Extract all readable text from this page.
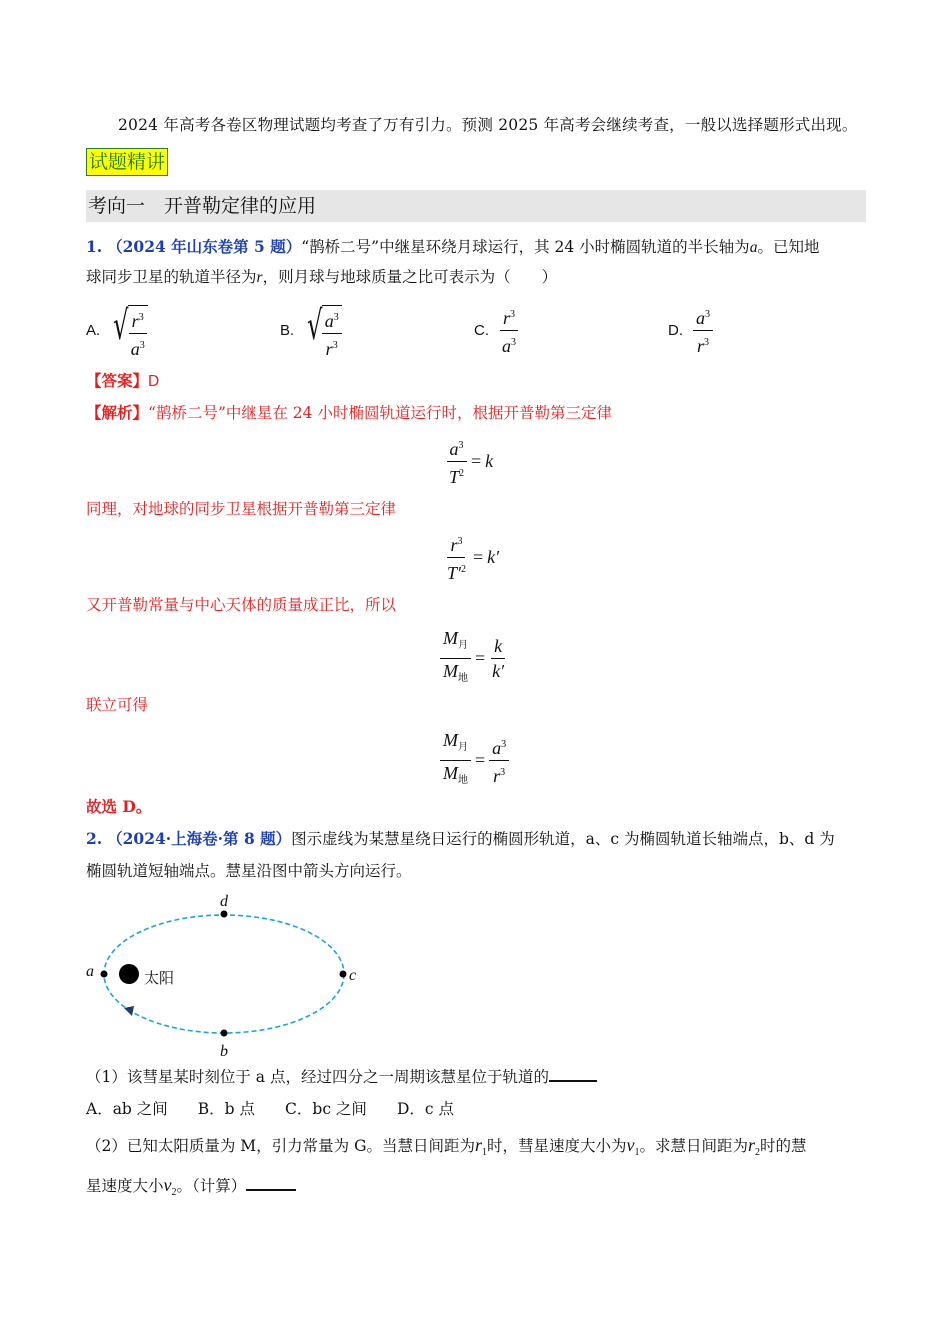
2024 年高考各卷区物理试题均考查了万有引力。预测 2025 年高考会继续考查，一般以选择题形式出现。
试题精讲
考向一　开普勒定律的应用
1. （2024 年山东卷第 5 题）“鹊桥二号”中继星环绕月球运行，其 24 小时椭圆轨道的半长轴为a。已知地
球同步卫星的轨道半径为r，则月球与地球质量之比可表示为（　　）
A. √ $\frac{r^3}{a^3}$	B. √ $\frac{a^3}{r^3}$	C. $\frac{r^3}{a^3}$	D. $\frac{a^3}{r^3}$
【答案】D
【解析】“鹊桥二号”中继星在 24 小时椭圆轨道运行时，根据开普勒第三定律
$\frac{a^3}{T^2} = k$
同理，对地球的同步卫星根据开普勒第三定律
$\frac{r^3}{T'^2} = k'$
又开普勒常量与中心天体的质量成正比，所以
$\frac{M_月}{M_地} = \frac{k}{k'}$
联立可得
$\frac{M_月}{M_地} = \frac{a^3}{r^3}$
故选 D。
2. （2024·上海卷·第 8 题）图示虚线为某慧星绕日运行的椭圆形轨道，a、c 为椭圆轨道长轴端点，b、d 为
椭圆轨道短轴端点。慧星沿图中箭头方向运行。
太阳
a
b
c
d
（1）该彗星某时刻位于 a 点，经过四分之一周期该慧星位于轨道的
A．ab 之间 B．b 点 C．bc 之间 D．c 点
（2）已知太阳质量为 M，引力常量为 G。当慧日间距为$r_1$时，彗星速度大小为$v_1$。求慧日间距为$r_2$时的慧
星速度大小$v_2$。（计算）
